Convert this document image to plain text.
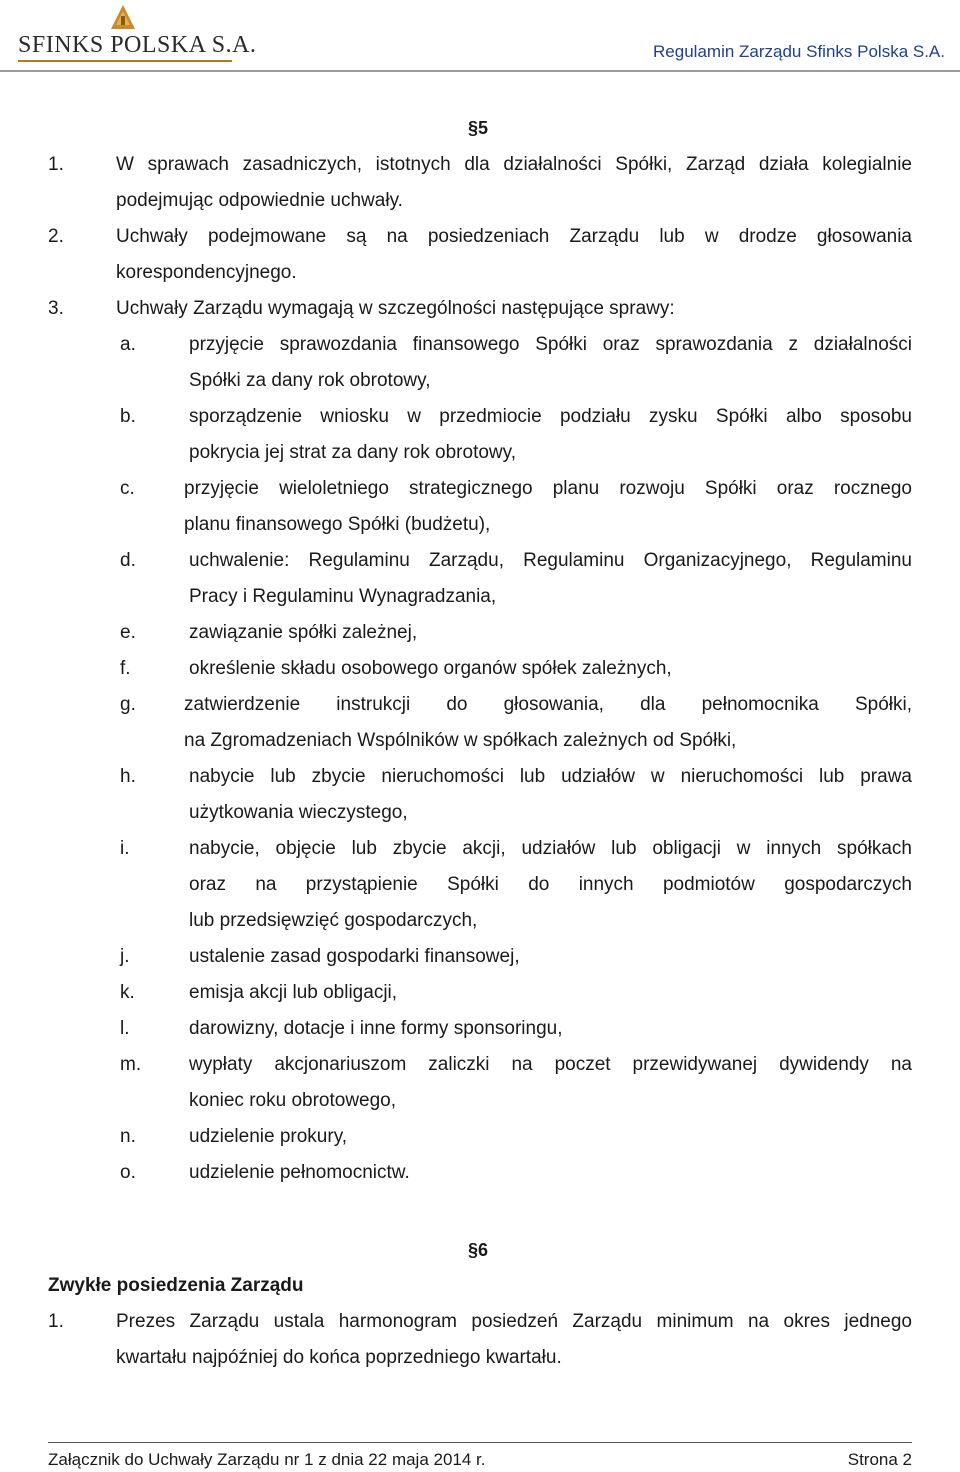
SFINKS POLSKA S.A.	Regulamin Zarządu Sfinks Polska S.A.
§5
1.	W sprawach zasadniczych, istotnych dla działalności Spółki, Zarząd działa kolegialnie
podejmując odpowiednie uchwały.
2.	Uchwały podejmowane są na posiedzeniach Zarządu lub w drodze głosowania
korespondencyjnego.
3.	Uchwały Zarządu wymagają w szczególności następujące sprawy:
a.	przyjęcie sprawozdania finansowego Spółki oraz sprawozdania z działalności
Spółki za dany rok obrotowy,
b.	sporządzenie wniosku w przedmiocie podziału zysku Spółki albo sposobu
pokrycia jej strat za dany rok obrotowy,
c.	przyjęcie wieloletniego strategicznego planu rozwoju Spółki oraz rocznego
planu finansowego Spółki (budżetu),
d.	uchwalenie: Regulaminu Zarządu, Regulaminu Organizacyjnego, Regulaminu
Pracy i Regulaminu Wynagradzania,
e.	zawiązanie spółki zależnej,
f.	określenie składu osobowego organów spółek zależnych,
g.	zatwierdzenie instrukcji do głosowania, dla pełnomocnika Spółki,
na Zgromadzeniach Wspólników w spółkach zależnych od Spółki,
h.	nabycie lub zbycie nieruchomości lub udziałów w nieruchomości lub prawa
użytkowania wieczystego,
i.	nabycie, objęcie lub zbycie akcji, udziałów lub obligacji w innych spółkach
oraz na przystąpienie Spółki do innych podmiotów gospodarczych
lub przedsięwzięć gospodarczych,
j.	ustalenie zasad gospodarki finansowej,
k.	emisja akcji lub obligacji,
l.	darowizny, dotacje i inne formy sponsoringu,
m.	wypłaty akcjonariuszom zaliczki na poczet przewidywanej dywidendy na
koniec roku obrotowego,
n.	udzielenie prokury,
o.	udzielenie pełnomocnictw.
§6
Zwykłe posiedzenia Zarządu
1.	Prezes Zarządu ustala harmonogram posiedzeń Zarządu minimum na okres jednego
kwartału najpóźniej do końca poprzedniego kwartału.
Załącznik do Uchwały Zarządu nr 1 z dnia 22 maja 2014 r.	Strona 2
